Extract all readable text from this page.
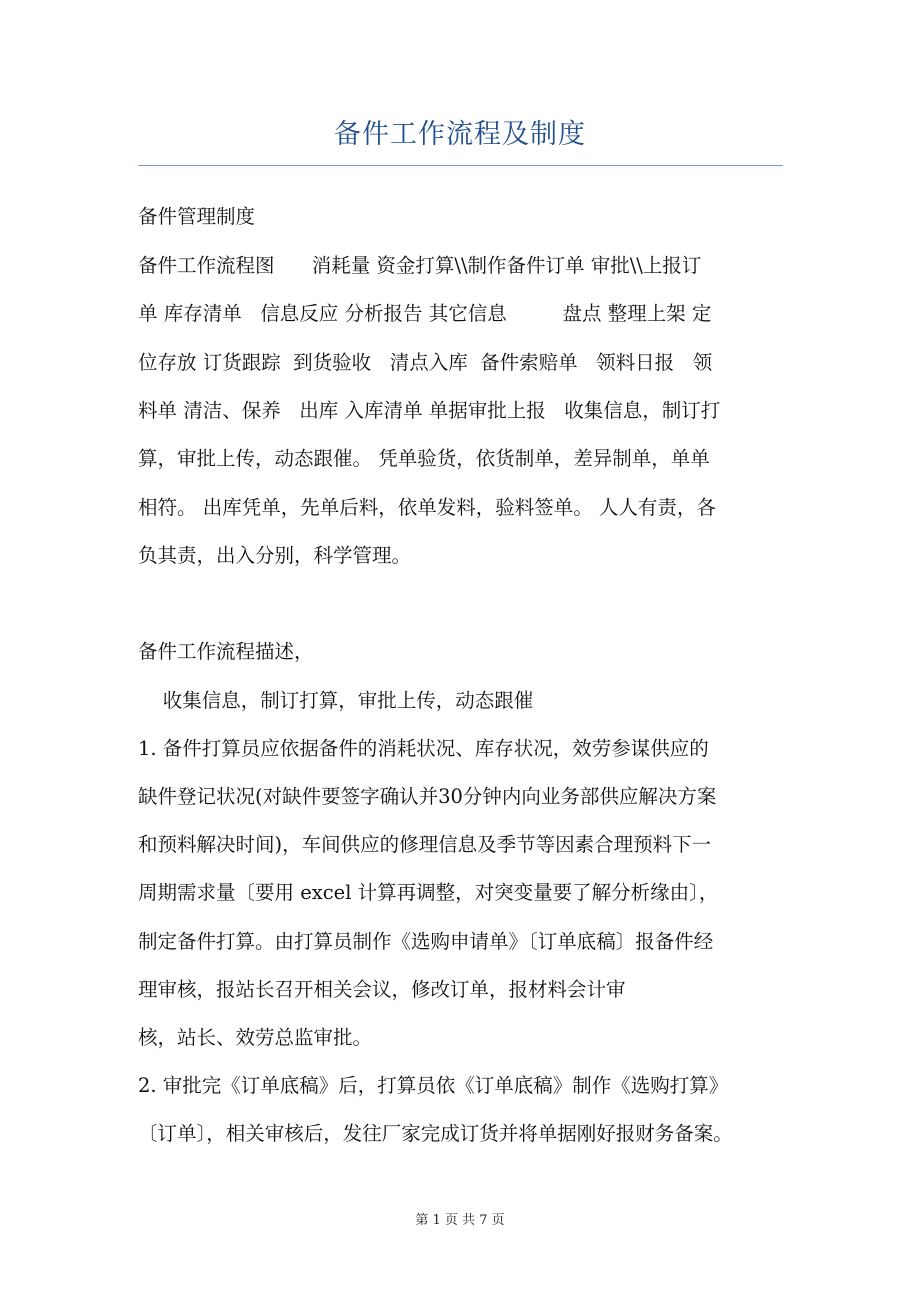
备件工作流程及制度
备件管理制度
备件工作流程图      消耗量 资金打算\\制作备件订单 审批\\上报订
单 库存清单   信息反应 分析报告 其它信息         盘点 整理上架 定
位存放 订货跟踪  到货验收   清点入库  备件索赔单   领料日报   领
料单 清洁、保养   出库 入库清单 单据审批上报   收集信息，制订打
算，审批上传，动态跟催。 凭单验货，依货制单，差异制单，单单
相符。 出库凭单，先单后料，依单发料，验料签单。 人人有责，各
负其责，出入分别，科学管理。
备件工作流程描述，
收集信息，制订打算，审批上传，动态跟催
1. 备件打算员应依据备件的消耗状况、库存状况，效劳参谋供应的
缺件登记状况(对缺件要签字确认并30分钟内向业务部供应解决方案
和预料解决时间)，车间供应的修理信息及季节等因素合理预料下一
周期需求量〔要用 excel 计算再调整，对突变量要了解分析缘由〕，
制定备件打算。由打算员制作《选购申请单》〔订单底稿〕报备件经
理审核，报站长召开相关会议，修改订单，报材料会计审
核，站长、效劳总监审批。
2. 审批完《订单底稿》后，打算员依《订单底稿》制作《选购打算》
〔订单〕，相关审核后，发往厂家完成订货并将单据刚好报财务备案。
第 1 页 共 7 页
